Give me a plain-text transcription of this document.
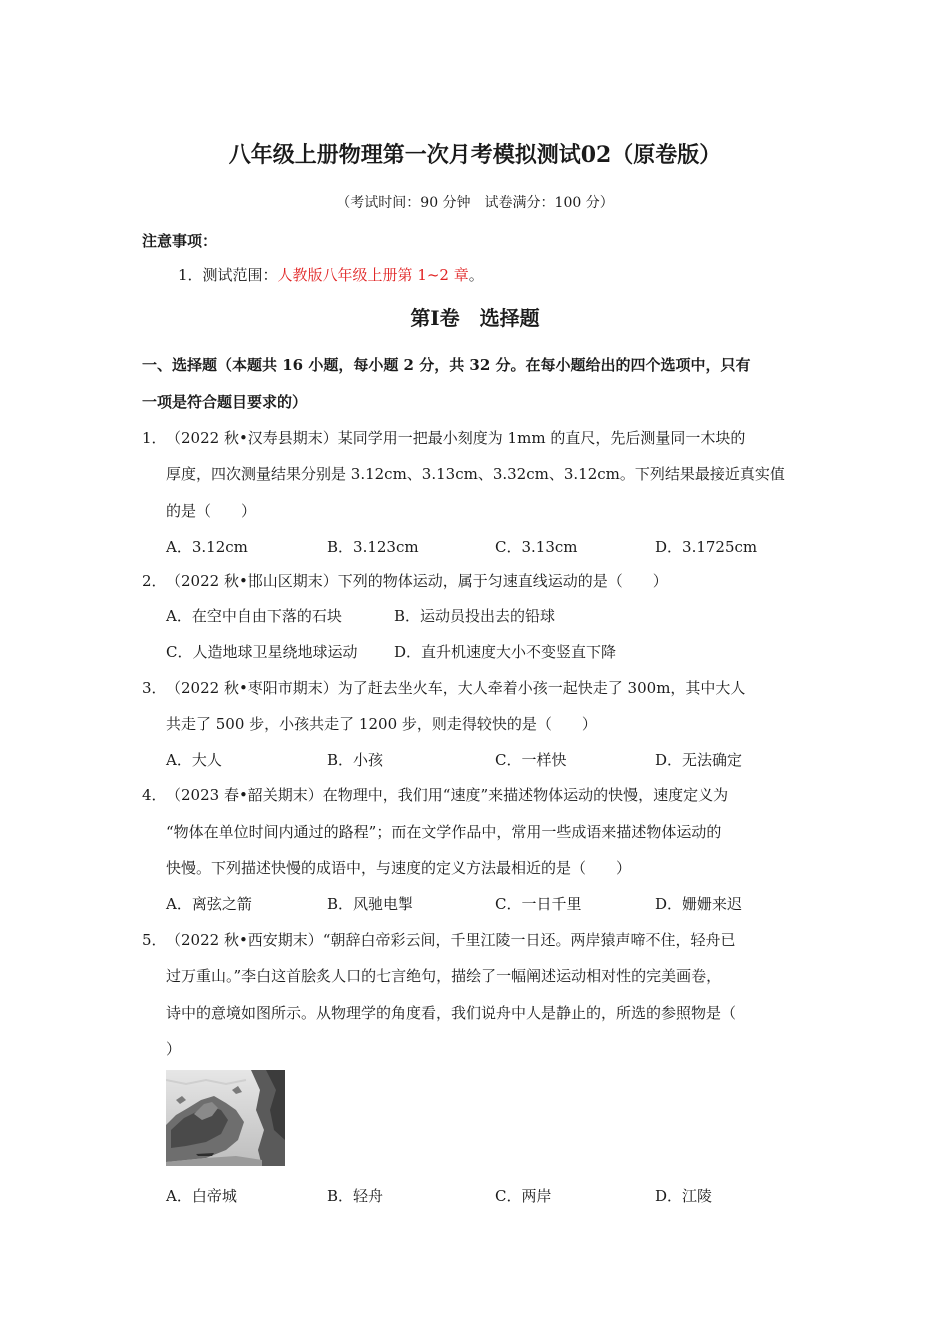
八年级上册物理第一次月考模拟测试02（原卷版）
（考试时间：90 分钟　试卷满分：100 分）
注意事项：
1．测试范围：人教版八年级上册第 1~2 章。
第Ⅰ卷　选择题
一、选择题（本题共 16 小题，每小题 2 分，共 32 分。在每小题给出的四个选项中，只有
一项是符合题目要求的）
1． （2022 秋•汉寿县期末）某同学用一把最小刻度为 1mm 的直尺，先后测量同一木块的
厚度，四次测量结果分别是 3.12cm、3.13cm、3.32cm、3.12cm。下列结果最接近真实值
的是（　　）
A．3.12cm	B．3.123cm	C．3.13cm	D．3.1725cm
2． （2022 秋•邯山区期末）下列的物体运动，属于匀速直线运动的是（　　）
A．在空中自由下落的石块	B．运动员投出去的铅球
C．人造地球卫星绕地球运动 D．直升机速度大小不变竖直下降
3． （2022 秋•枣阳市期末）为了赶去坐火车，大人牵着小孩一起快走了 300m，其中大人
共走了 500 步，小孩共走了 1200 步，则走得较快的是（　　）
A．大人	B．小孩	C．一样快	D．无法确定
4． （2023 春•韶关期末）在物理中，我们用“速度”来描述物体运动的快慢，速度定义为
“物体在单位时间内通过的路程”；而在文学作品中，常用一些成语来描述物体运动的
快慢。下列描述快慢的成语中，与速度的定义方法最相近的是（　　）
A．离弦之箭	B．风驰电掣	C．一日千里	D．姗姗来迟
5． （2022 秋•西安期末）“朝辞白帝彩云间，千里江陵一日还。两岸猿声啼不住，轻舟已
过万重山。”李白这首脍炙人口的七言绝句，描绘了一幅阐述运动相对性的完美画卷，
诗中的意境如图所示。从物理学的角度看，我们说舟中人是静止的，所选的参照物是（
）
A．白帝城	B．轻舟	C．两岸	D．江陵
